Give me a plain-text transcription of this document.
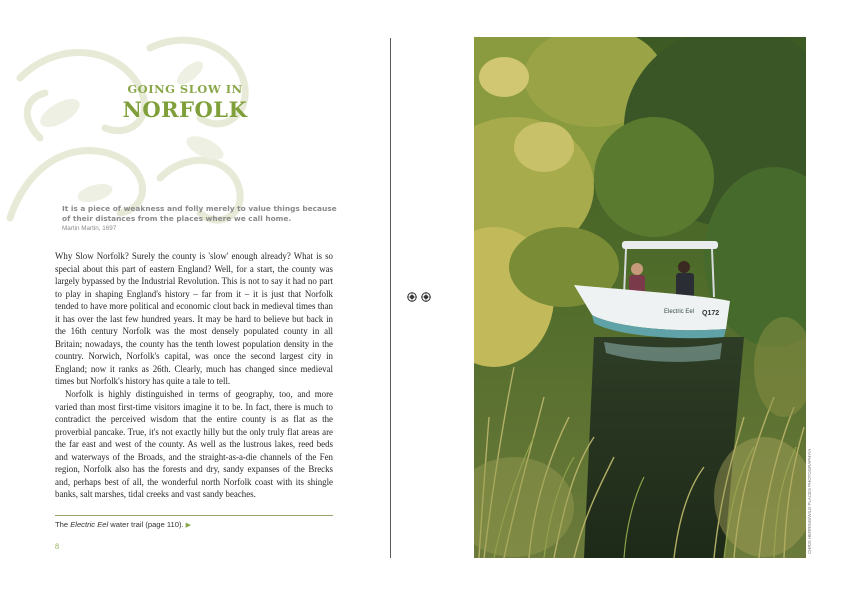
GOING SLOW IN
NORFOLK
It is a piece of weakness and folly merely to value things because of their distances from the places where we call home.
Martin Martin, 1697

Why Slow Norfolk? Surely the county is 'slow' enough already? What is so special about this part of eastern England? Well, for a start, the county was largely bypassed by the Industrial Revolution. This is not to say it had no part to play in shaping England's history – far from it – it is just that Norfolk tended to have more political and economic clout back in medieval times than it has over the last few hundred years. It may be hard to believe but back in the 16th century Norfolk was the most densely populated county in all Britain; nowadays, the county has the tenth lowest population density in the country. Norwich, Norfolk's capital, was once the second largest city in England; now it ranks as 26th. Clearly, much has changed since medieval times but Norfolk's history has quite a tale to tell.

Norfolk is highly distinguished in terms of geography, too, and more varied than most first-time visitors imagine it to be. In fact, there is much to contradict the perceived wisdom that the entire county is as flat as the proverbial pancake. True, it's not exactly hilly but the only truly flat areas are the far east and west of the county. As well as the lustrous lakes, reed beds and waterways of the Broads, and the straight-as-a-die channels of the Fen region, Norfolk also has the forests and dry, sandy expanses of the Brecks and, perhaps best of all, the wonderful north Norfolk coast with its shingle banks, salt marshes, tidal creeks and vast sandy beaches.

The Electric Eel water trail (page 110). ▶
8
Electric Eel Q172
CHRIS HERRING/WILD PLACES PHOTOGRAPHY/A
